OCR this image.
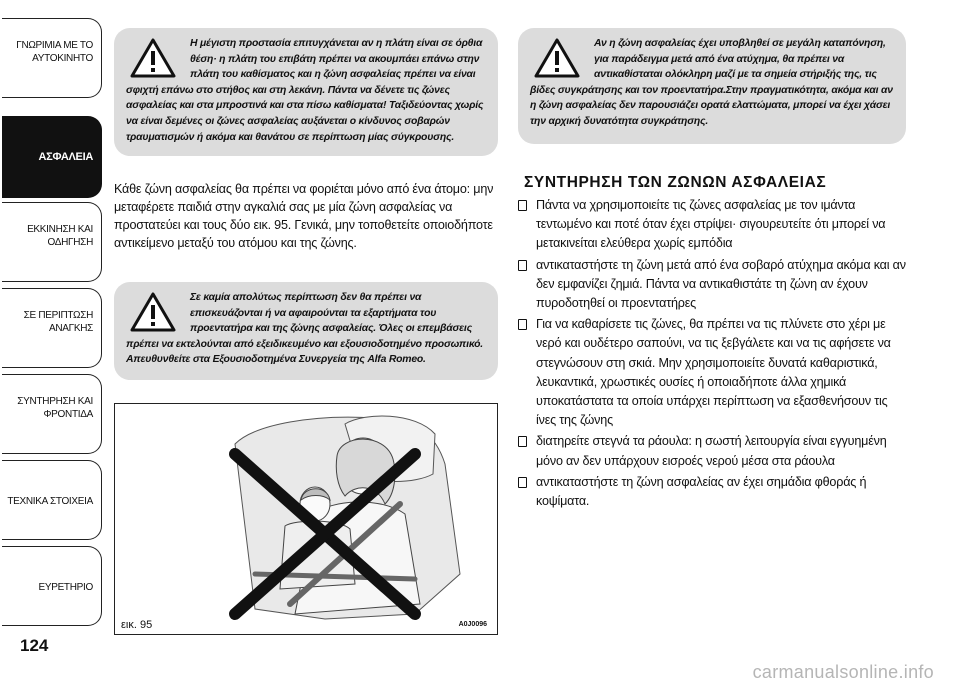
ΓΝΩΡΙΜΙΑ ΜΕ ΤΟ
ΑΥΤΟΚΙΝΗΤΟ
ΑΣΦΑΛΕΙΑ
ΕΚΚΙΝΗΣΗ ΚΑΙ
ΟΔΗΓΗΣΗ
ΣΕ ΠΕΡΙΠΤΩΣΗ
ΑΝΑΓΚΗΣ
ΣΥΝΤΗΡΗΣΗ ΚΑΙ
ΦΡΟΝΤΙΔΑ
ΤΕΧΝΙΚΑ ΣΤΟΙΧΕΙΑ
ΕΥΡΕΤΗΡΙΟ
124

Η μέγιστη προστασία επιτυγχάνεται αν η πλάτη είναι σε όρθια θέση· η πλάτη του επιβάτη πρέπει να ακουμπάει επάνω στην πλάτη του καθίσματος και η ζώνη ασφαλείας πρέπει να είναι σφιχτή επάνω στο στήθος και στη λεκάνη. Πάντα να δένετε τις ζώνες ασφαλείας και στα μπροστινά και στα πίσω καθίσματα! Ταξιδεύοντας χωρίς να είναι δεμένες οι ζώνες ασφαλείας αυξάνεται ο κίνδυνος σοβαρών τραυματισμών ή ακόμα και θανάτου σε περίπτωση μίας σύγκρουσης.

Κάθε ζώνη ασφαλείας θα πρέπει να φοριέται μόνο από ένα άτομο: μην μεταφέρετε παιδιά στην αγκαλιά σας με μία ζώνη ασφαλείας να προστατεύει και τους δύο εικ. 95. Γενικά, μην τοποθετείτε οποιοδήποτε αντικείμενο μεταξύ του ατόμου και της ζώνης.

Σε καμία απολύτως περίπτωση δεν θα πρέπει να επισκευάζονται ή να αφαιρούνται τα εξαρτήματα του προεντατήρα και της ζώνης ασφαλείας. Όλες οι επεμβάσεις πρέπει να εκτελούνται από εξειδικευμένο και εξουσιοδοτημένο προσωπικό. Απευθυνθείτε στα Εξουσιοδοτημένα Συνεργεία της Alfa Romeo.

εικ. 95	A0J0096

Αν η ζώνη ασφαλείας έχει υποβληθεί σε μεγάλη καταπόνηση, για παράδειγμα μετά από ένα ατύχημα, θα πρέπει να αντικαθίσταται ολόκληρη μαζί με τα σημεία στήριξής της, τις βίδες συγκράτησης και τον προεντατήρα.Στην πραγματικότητα, ακόμα και αν η ζώνη ασφαλείας δεν παρουσιάζει ορατά ελαττώματα, μπορεί να έχει χάσει την αρχική δυνατότητα συγκράτησης.

ΣΥΝΤΗΡΗΣΗ ΤΩΝ ΖΩΝΩΝ ΑΣΦΑΛΕΙΑΣ
Πάντα να χρησιμοποιείτε τις ζώνες ασφαλείας με τον ιμάντα τεντωμένο και ποτέ όταν έχει στρίψει· σιγουρευτείτε ότι μπορεί να μετακινείται ελεύθερα χωρίς εμπόδια
αντικαταστήστε τη ζώνη μετά από ένα σοβαρό ατύχημα ακόμα και αν δεν εμφανίζει ζημιά. Πάντα να αντικαθιστάτε τη ζώνη αν έχουν πυροδοτηθεί οι προεντατήρες
Για να καθαρίσετε τις ζώνες, θα πρέπει να τις πλύνετε στο χέρι με νερό και ουδέτερο σαπούνι, να τις ξεβγάλετε και να τις αφήσετε να στεγνώσουν στη σκιά. Μην χρησιμοποιείτε δυνατά καθαριστικά, λευκαντικά, χρωστικές ουσίες ή οποιαδήποτε άλλα χημικά υποκατάστατα τα οποία υπάρχει περίπτωση να εξασθενήσουν τις ίνες της ζώνης
διατηρείτε στεγνά τα ράουλα: η σωστή λειτουργία είναι εγγυημένη μόνο αν δεν υπάρχουν εισροές νερού μέσα στα ράουλα
αντικαταστήστε τη ζώνη ασφαλείας αν έχει σημάδια φθοράς ή κοψίματα.
carmanualsonline.info
